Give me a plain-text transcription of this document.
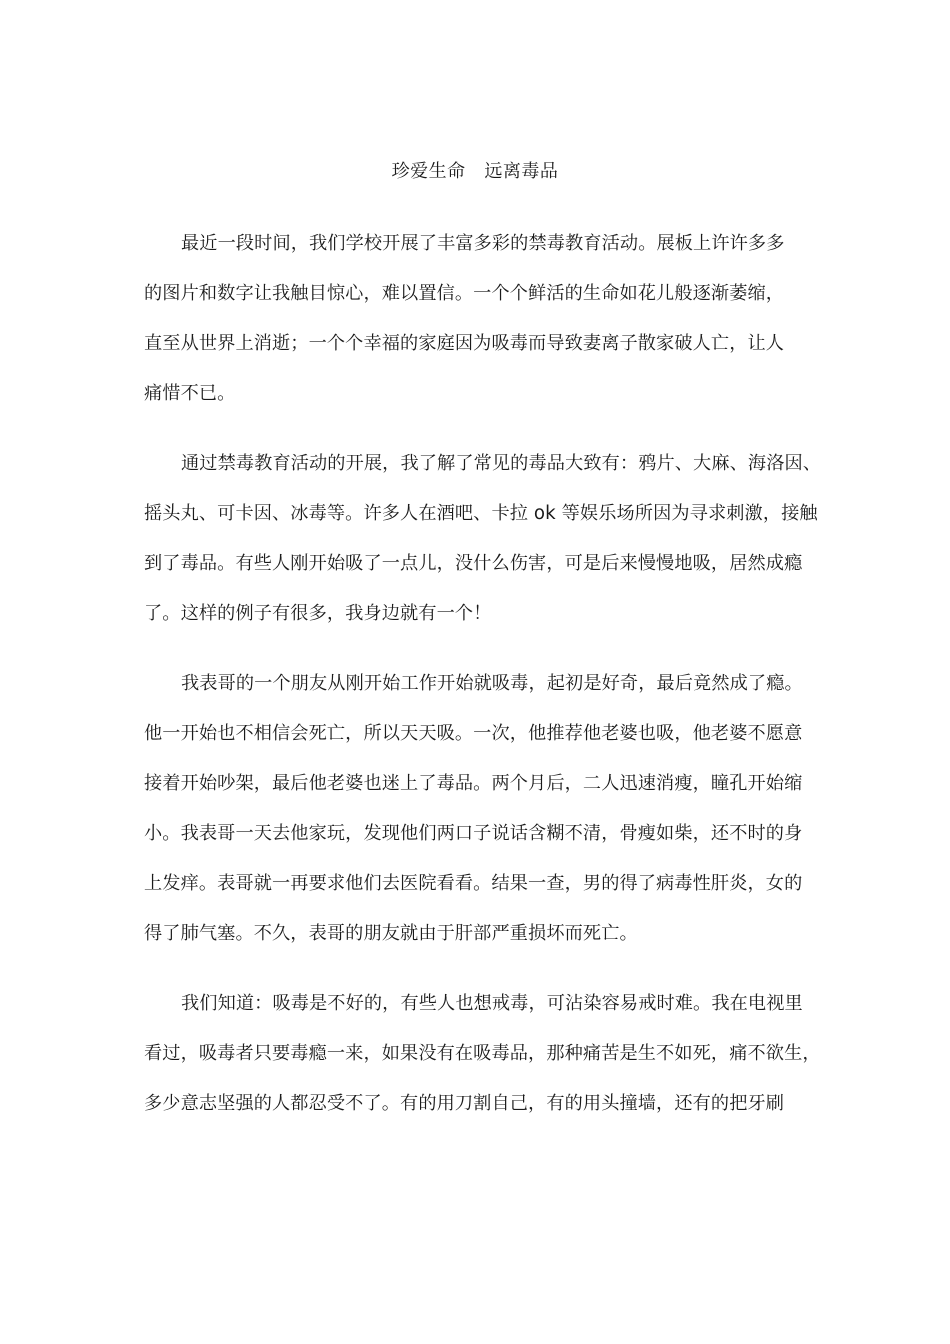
珍爱生命   远离毒品
最近一段时间，我们学校开展了丰富多彩的禁毒教育活动。展板上许许多多
的图片和数字让我触目惊心，难以置信。一个个鲜活的生命如花儿般逐渐萎缩，
直至从世界上消逝；一个个幸福的家庭因为吸毒而导致妻离子散家破人亡，让人
痛惜不已。
通过禁毒教育活动的开展，我了解了常见的毒品大致有：鸦片、大麻、海洛因、
摇头丸、可卡因、冰毒等。许多人在酒吧、卡拉 ok 等娱乐场所因为寻求刺激，接触
到了毒品。有些人刚开始吸了一点儿，没什么伤害，可是后来慢慢地吸，居然成瘾
了。这样的例子有很多，我身边就有一个！
我表哥的一个朋友从刚开始工作开始就吸毒，起初是好奇，最后竟然成了瘾。
他一开始也不相信会死亡，所以天天吸。一次，他推荐他老婆也吸，他老婆不愿意
接着开始吵架，最后他老婆也迷上了毒品。两个月后，二人迅速消瘦，瞳孔开始缩
小。我表哥一天去他家玩，发现他们两口子说话含糊不清，骨瘦如柴，还不时的身
上发痒。表哥就一再要求他们去医院看看。结果一查，男的得了病毒性肝炎，女的
得了肺气塞。不久，表哥的朋友就由于肝部严重损坏而死亡。
我们知道：吸毒是不好的，有些人也想戒毒，可沾染容易戒时难。我在电视里
看过，吸毒者只要毒瘾一来，如果没有在吸毒品，那种痛苦是生不如死，痛不欲生，
多少意志坚强的人都忍受不了。有的用刀割自己，有的用头撞墙，还有的把牙刷
